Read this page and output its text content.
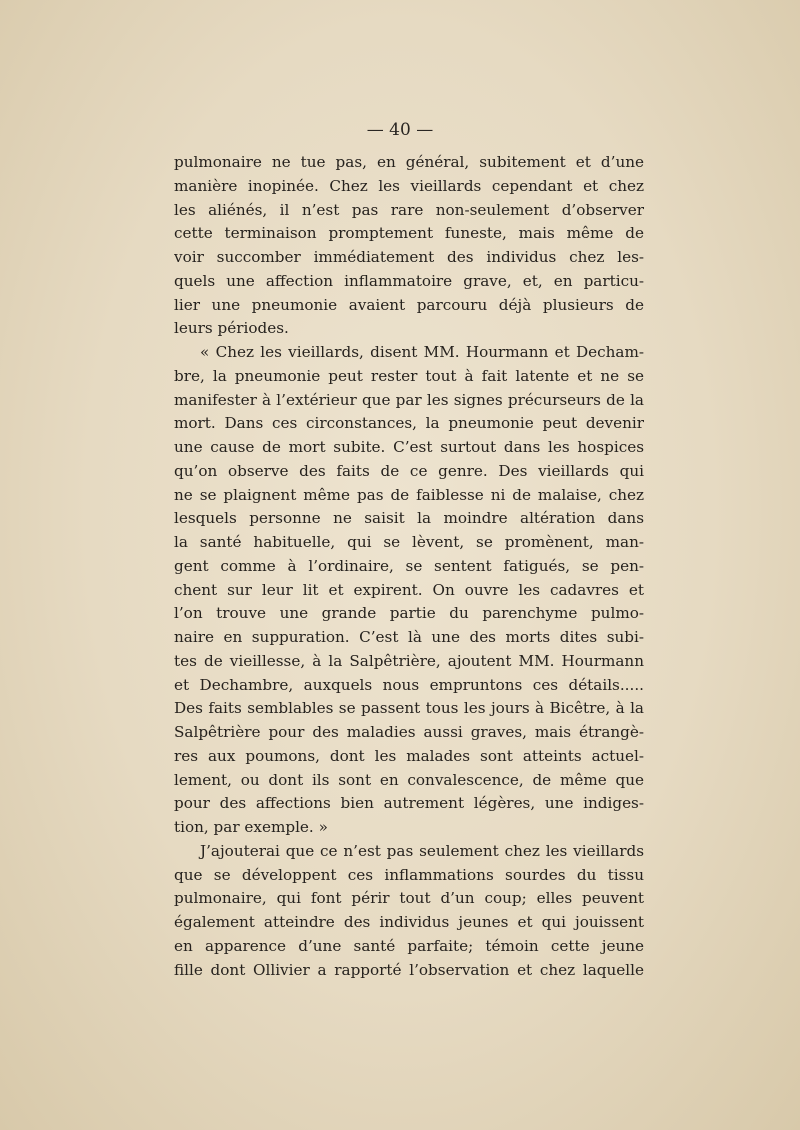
— 40 —
pulmonaire ne tue pas, en général, subitement et d’une
manière inopinée. Chez les vieillards cependant et chez
les aliénés, il n’est pas rare non-seulement d’observer
cette terminaison promptement funeste, mais même de
voir succomber immédiatement des individus chez les-
quels une affection inflammatoire grave, et, en particu-
lier une pneumonie avaient parcouru déjà plusieurs de
leurs périodes.
« Chez les vieillards, disent MM. Hourmann et Decham-
bre, la pneumonie peut rester tout à fait latente et ne se
manifester à l’extérieur que par les signes précurseurs de la
mort. Dans ces circonstances, la pneumonie peut devenir
une cause de mort subite. C’est surtout dans les hospices
qu’on observe des faits de ce genre. Des vieillards qui
ne se plaignent même pas de faiblesse ni de malaise, chez
lesquels personne ne saisit la moindre altération dans
la santé habituelle, qui se lèvent, se promènent, man-
gent comme à l’ordinaire, se sentent fatigués, se pen-
chent sur leur lit et expirent. On ouvre les cadavres et
l’on trouve une grande partie du parenchyme pulmo-
naire en suppuration. C’est là une des morts dites subi-
tes de vieillesse, à la Salpêtrière, ajoutent MM. Hourmann
et Dechambre, auxquels nous empruntons ces détails.....
Des faits semblables se passent tous les jours à Bicêtre, à la
Salpêtrière pour des maladies aussi graves, mais étrangè-
res aux poumons, dont les malades sont atteints actuel-
lement, ou dont ils sont en convalescence, de même que
pour des affections bien autrement légères, une indiges-
tion, par exemple. »
J’ajouterai que ce n’est pas seulement chez les vieillards
que se développent ces inflammations sourdes du tissu
pulmonaire, qui font périr tout d’un coup; elles peuvent
également atteindre des individus jeunes et qui jouissent
en apparence d’une santé parfaite; témoin cette jeune
fille dont Ollivier a rapporté l’observation et chez laquelle
